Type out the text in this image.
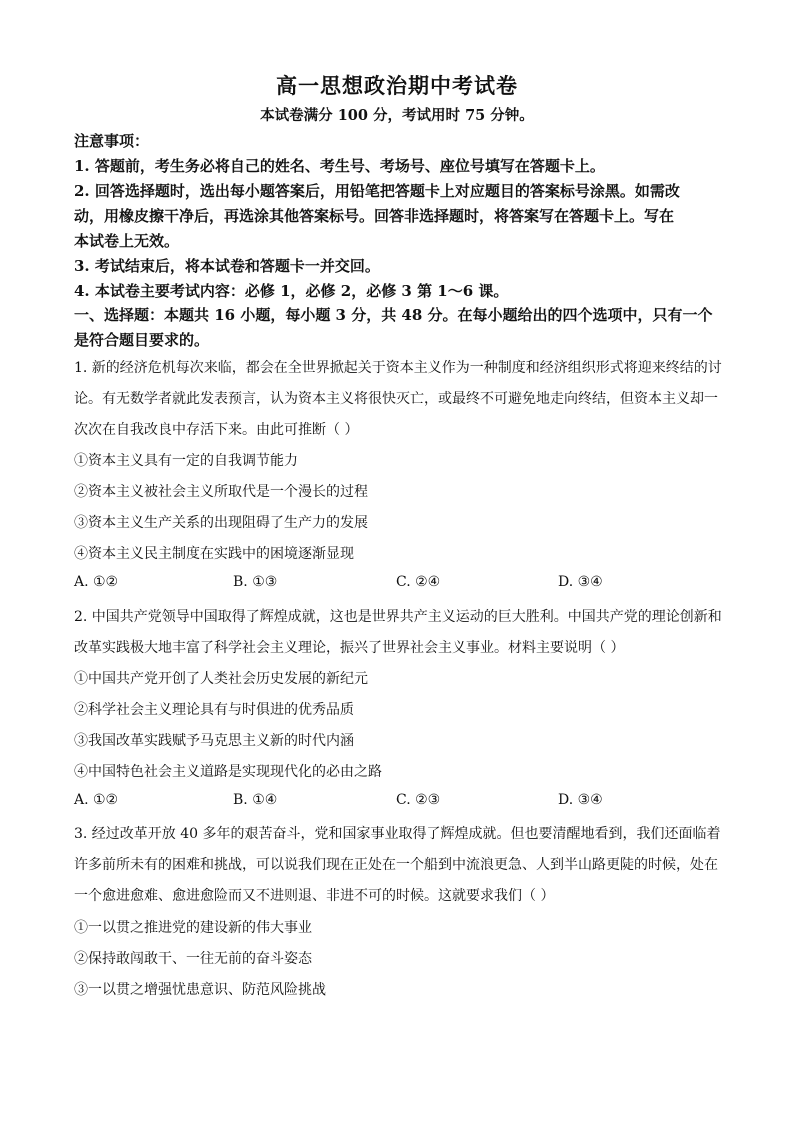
高一思想政治期中考试卷
本试卷满分 100 分，考试用时 75 分钟。
注意事项：
1. 答题前，考生务必将自己的姓名、考生号、考场号、座位号填写在答题卡上。
2. 回答选择题时，选出每小题答案后，用铅笔把答题卡上对应题目的答案标号涂黑。如需改
动，用橡皮擦干净后，再选涂其他答案标号。回答非选择题时，将答案写在答题卡上。写在
本试卷上无效。
3. 考试结束后，将本试卷和答题卡一并交回。
4. 本试卷主要考试内容：必修 1，必修 2，必修 3 第 1～6 课。
一、选择题：本题共 16 小题，每小题 3 分，共 48 分。在每小题给出的四个选项中，只有一个
是符合题目要求的。
1. 新的经济危机每次来临，都会在全世界掀起关于资本主义作为一种制度和经济组织形式将迎来终结的讨
论。有无数学者就此发表预言，认为资本主义将很快灭亡，或最终不可避免地走向终结，但资本主义却一
次次在自我改良中存活下来。由此可推断（ ）
①资本主义具有一定的自我调节能力
②资本主义被社会主义所取代是一个漫长的过程
③资本主义生产关系的出现阻碍了生产力的发展
④资本主义民主制度在实践中的困境逐渐显现
A. ①②	B. ①③	C. ②④	D. ③④
2. 中国共产党领导中国取得了辉煌成就，这也是世界共产主义运动的巨大胜利。中国共产党的理论创新和
改革实践极大地丰富了科学社会主义理论，振兴了世界社会主义事业。材料主要说明（ ）
①中国共产党开创了人类社会历史发展的新纪元
②科学社会主义理论具有与时俱进的优秀品质
③我国改革实践赋予马克思主义新的时代内涵
④中国特色社会主义道路是实现现代化的必由之路
A. ①②	B. ①④	C. ②③	D. ③④
3. 经过改革开放 40 多年的艰苦奋斗，党和国家事业取得了辉煌成就。但也要清醒地看到，我们还面临着
许多前所未有的困难和挑战，可以说我们现在正处在一个船到中流浪更急、人到半山路更陡的时候，处在
一个愈进愈难、愈进愈险而又不进则退、非进不可的时候。这就要求我们（ ）
①一以贯之推进党的建设新的伟大事业
②保持敢闯敢干、一往无前的奋斗姿态
③一以贯之增强忧患意识、防范风险挑战
